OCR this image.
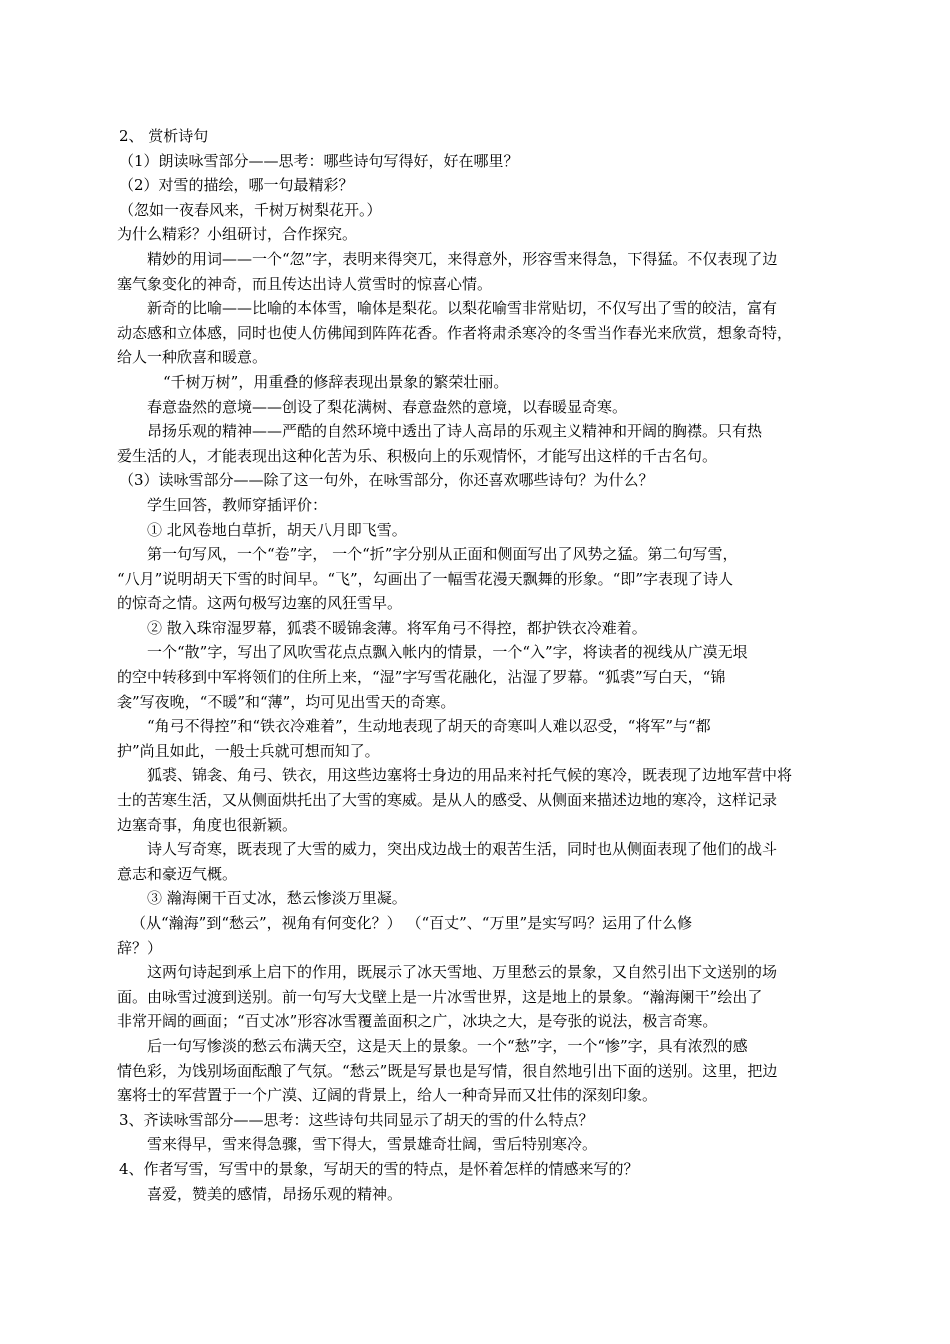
2、 赏析诗句

（1）朗读咏雪部分——思考：哪些诗句写得好，好在哪里？

（2）对雪的描绘，哪一句最精彩？

（忽如一夜春风来，千树万树梨花开。）

为什么精彩？小组研讨，合作探究。

精妙的用词——一个“忽”字，表明来得突兀，来得意外，形容雪来得急，下得猛。不仅表现了边

塞气象变化的神奇，而且传达出诗人赏雪时的惊喜心情。

新奇的比喻——比喻的本体雪，喻体是梨花。以梨花喻雪非常贴切，不仅写出了雪的皎洁，富有

动态感和立体感，同时也使人仿佛闻到阵阵花香。作者将肃杀寒冷的冬雪当作春光来欣赏，想象奇特，

给人一种欣喜和暖意。

“千树万树”，用重叠的修辞表现出景象的繁荣壮丽。

春意盎然的意境——创设了梨花满树、春意盎然的意境，以春暖显奇寒。

昂扬乐观的精神——严酷的自然环境中透出了诗人高昂的乐观主义精神和开阔的胸襟。只有热

爱生活的人，才能表现出这种化苦为乐、积极向上的乐观情怀，才能写出这样的千古名句。

（3）读咏雪部分——除了这一句外，在咏雪部分，你还喜欢哪些诗句？为什么？

学生回答，教师穿插评价：

① 北风卷地白草折，胡天八月即飞雪。

第一句写风，一个“卷”字， 一个“折”字分别从正面和侧面写出了风势之猛。第二句写雪，

“八月”说明胡天下雪的时间早。“飞”，勾画出了一幅雪花漫天飘舞的形象。“即”字表现了诗人

的惊奇之情。这两句极写边塞的风狂雪早。

② 散入珠帘湿罗幕，狐裘不暖锦衾薄。将军角弓不得控，都护铁衣冷难着。

一个“散”字，写出了风吹雪花点点飘入帐内的情景，一个“入”字，将读者的视线从广漠无垠

的空中转移到中军将领们的住所上来，“湿”字写雪花融化，沾湿了罗幕。“狐裘”写白天，“锦

衾”写夜晚，“不暖”和“薄”，均可见出雪天的奇寒。

“角弓不得控”和“铁衣冷难着”，生动地表现了胡天的奇寒叫人难以忍受，“将军”与“都

护”尚且如此，一般士兵就可想而知了。

狐裘、锦衾、角弓、铁衣，用这些边塞将士身边的用品来衬托气候的寒冷，既表现了边地军营中将

士的苦寒生活，又从侧面烘托出了大雪的寒威。是从人的感受、从侧面来描述边地的寒冷，这样记录

边塞奇事，角度也很新颖。

诗人写奇寒，既表现了大雪的威力，突出戍边战士的艰苦生活，同时也从侧面表现了他们的战斗

意志和豪迈气概。

③ 瀚海阑干百丈冰，愁云惨淡万里凝。

（从“瀚海”到“愁云”，视角有何变化？） （“百丈”、“万里”是实写吗？运用了什么修

辞？）

这两句诗起到承上启下的作用，既展示了冰天雪地、万里愁云的景象，又自然引出下文送别的场

面。由咏雪过渡到送别。前一句写大戈壁上是一片冰雪世界，这是地上的景象。“瀚海阑干”绘出了

非常开阔的画面；“百丈冰”形容冰雪覆盖面积之广，冰块之大，是夸张的说法，极言奇寒。

后一句写惨淡的愁云布满天空，这是天上的景象。一个“愁”字，一个“惨”字，具有浓烈的感

情色彩，为饯别场面酝酿了气氛。“愁云”既是写景也是写情，很自然地引出下面的送别。这里，把边

塞将士的军营置于一个广漠、辽阔的背景上，给人一种奇异而又壮伟的深刻印象。

3、齐读咏雪部分——思考：这些诗句共同显示了胡天的雪的什么特点？

雪来得早，雪来得急骤，雪下得大，雪景雄奇壮阔，雪后特别寒冷。

4、作者写雪，写雪中的景象，写胡天的雪的特点，是怀着怎样的情感来写的？

喜爱，赞美的感情，昂扬乐观的精神。
